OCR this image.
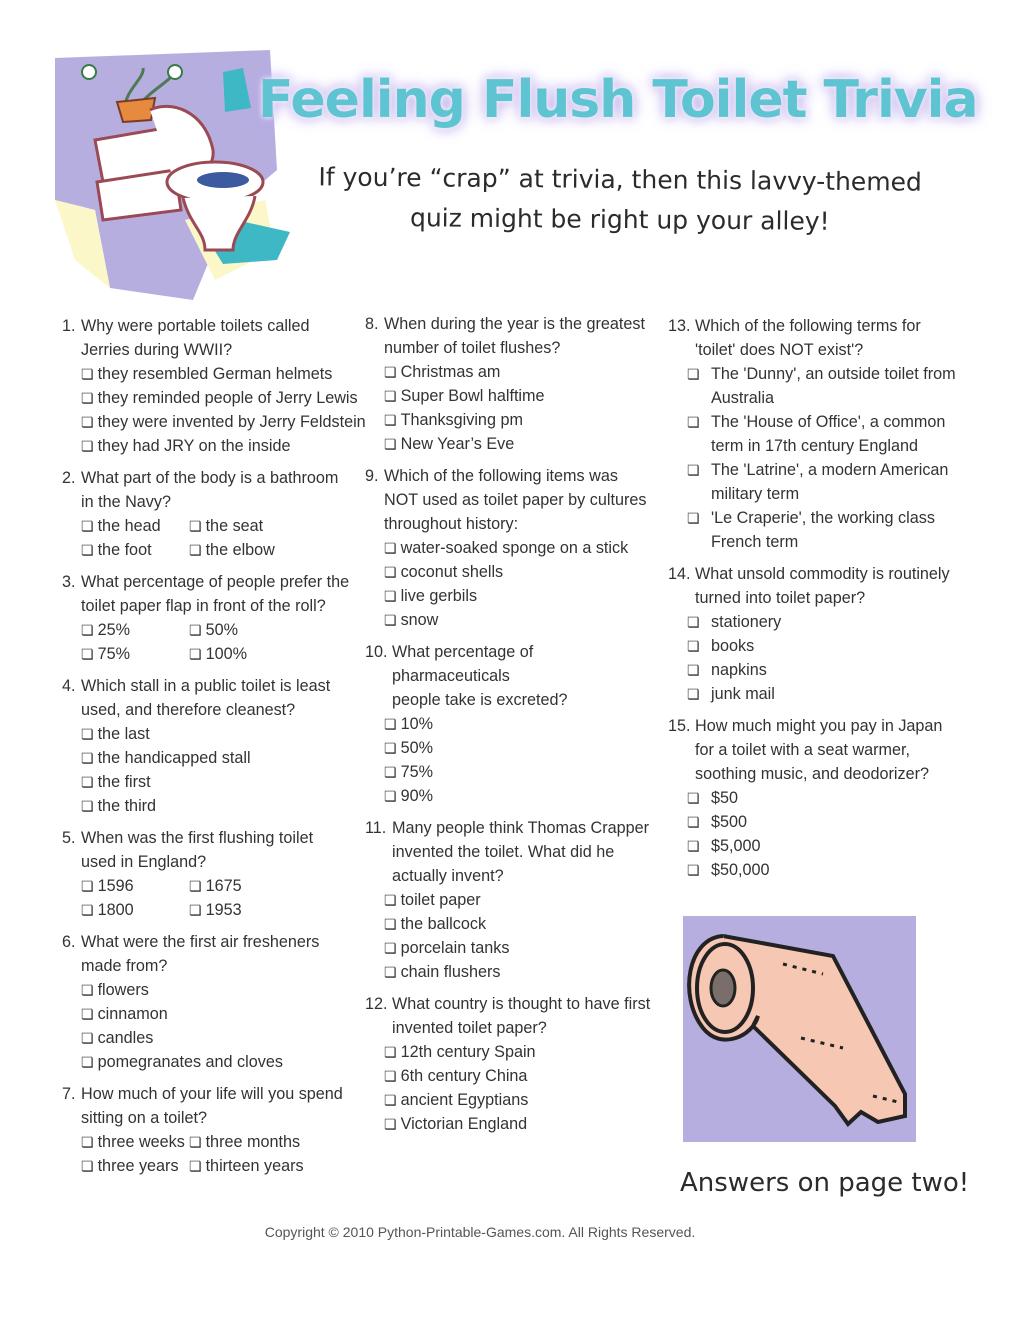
Feeling Flush Toilet Trivia
If you’re “crap” at trivia, then this lavvy-themed
quiz might be right up your alley!
1. Why were portable toilets called
Jerries during WWII?
❏ they resembled German helmets
❏ they reminded people of Jerry Lewis
❏ they were invented by Jerry Feldstein
❏ they had JRY on the inside
2. What part of the body is a bathroom
in the Navy?
❏ the head	❏ the seat
❏ the foot	❏ the elbow
3. What percentage of people prefer the
toilet paper flap in front of the roll?
❏ 25%	❏ 50%
❏ 75%	❏ 100%
4. Which stall in a public toilet is least
used, and therefore cleanest?
❏ the last
❏ the handicapped stall
❏ the first
❏ the third
5. When was the first flushing toilet
used in England?
❏ 1596	❏ 1675
❏ 1800	❏ 1953
6. What were the first air fresheners
made from?
❏ flowers
❏ cinnamon
❏ candles
❏ pomegranates and cloves
7. How much of your life will you spend
sitting on a toilet?
❏ three weeks ❏ three months
❏ three years ❏ thirteen years
8. When during the year is the greatest
number of toilet flushes?
❏ Christmas am
❏ Super Bowl halftime
❏ Thanksgiving pm
❏ New Year’s Eve
9. Which of the following items was
NOT used as toilet paper by cultures
throughout history:
❏ water-soaked sponge on a stick
❏ coconut shells
❏ live gerbils
❏ snow
10. What percentage of pharmaceuticals
people take is excreted?
❏ 10%
❏ 50%
❏ 75%
❏ 90%
11. Many people think Thomas Crapper
invented the toilet. What did he
actually invent?
❏ toilet paper
❏ the ballcock
❏ porcelain tanks
❏ chain flushers
12. What country is thought to have first
invented toilet paper?
❏ 12th century Spain
❏ 6th century China
❏ ancient Egyptians
❏ Victorian England
13. Which of the following terms for
'toilet' does NOT exist'?
❏ The 'Dunny', an outside toilet from Australia
❏ The 'House of Office', a common term in 17th century England
❏ The 'Latrine', a modern American military term
❏ 'Le Craperie', the working class French term
14. What unsold commodity is routinely
turned into toilet paper?
❏ stationery
❏ books
❏ napkins
❏ junk mail
15. How much might you pay in Japan
for a toilet with a seat warmer,
soothing music, and deodorizer?
❏ $50
❏ $500
❏ $5,000
❏ $50,000
Answers on page two!
Copyright © 2010 Python-Printable-Games.com. All Rights Reserved.
